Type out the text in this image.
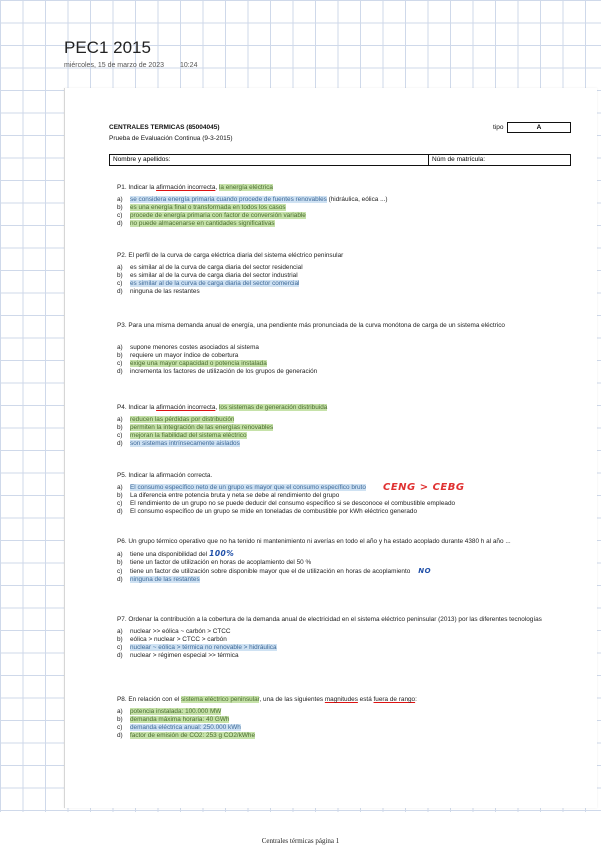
PEC1 2015
miércoles, 15 de marzo de 2023 10:24
CENTRALES TERMICAS (85004045)
Prueba de Evaluación Continua (9-3-2015)
tipo	A
Nombre y apellidos:	Núm de matrícula:
P1. Indicar la afirmación incorrecta, la energía eléctrica
a) se considera energía primaria cuando procede de fuentes renovables (hidráulica, eólica ...)
b) es una energía final o transformada en todos los casos
c) procede de energía primaria con factor de conversión variable
d) no puede almacenarse en cantidades significativas
P2. El perfil de la curva de carga eléctrica diaria del sistema eléctrico peninsular
a) es similar al de la curva de carga diaria del sector residencial
b) es similar al de la curva de carga diaria del sector industrial
c) es similar al de la curva de carga diaria del sector comercial
d) ninguna de las restantes
P3. Para una misma demanda anual de energía, una pendiente más pronunciada de la curva monótona de carga de un sistema eléctrico
a) supone menores costes asociados al sistema
b) requiere un mayor índice de cobertura
c) exige una mayor capacidad o potencia instalada
d) incrementa los factores de utilización de los grupos de generación
P4. Indicar la afirmación incorrecta, los sistemas de generación distribuida
a) reducen las pérdidas por distribución
b) permiten la integración de las energías renovables
c) mejoran la fiabilidad del sistema eléctrico
d) son sistemas intrínsecamente aislados
P5. Indicar la afirmación correcta.
a) El consumo específico neto de un grupo es mayor que el consumo específico bruto
b) La diferencia entre potencia bruta y neta se debe al rendimiento del grupo
c) El rendimiento de un grupo no se puede deducir del consumo específico si se desconoce el combustible empleado
d) El consumo específico de un grupo se mide en toneladas de combustible por kWh eléctrico generado
CENG > CEBG
P6. Un grupo térmico operativo que no ha tenido ni mantenimiento ni averías en todo el año y ha estado acoplado durante 4380 h al año ...
a) tiene una disponibilidad del 100%
b) tiene un factor de utilización en horas de acoplamiento del 50 %
c) tiene un factor de utilización sobre disponible mayor que el de utilización en horas de acoplamiento NO
d) ninguna de las restantes
P7. Ordenar la contribución a la cobertura de la demanda anual de electricidad en el sistema eléctrico peninsular (2013) por las diferentes tecnologías
a) nuclear >> eólica ~ carbón > CTCC
b) eólica > nuclear > CTCC > carbón
c) nuclear ~ eólica > térmica no renovable > hidráulica
d) nuclear > régimen especial >> térmica
P8. En relación con el sistema eléctrico peninsular, una de las siguientes magnitudes está fuera de rango:
a) potencia instalada: 100.000 MW
b) demanda máxima horaria: 40 GWh
c) demanda eléctrica anual: 250.000 kWh
d) factor de emisión de CO2: 253 g CO2/kWhe
Centrales térmicas página 1
